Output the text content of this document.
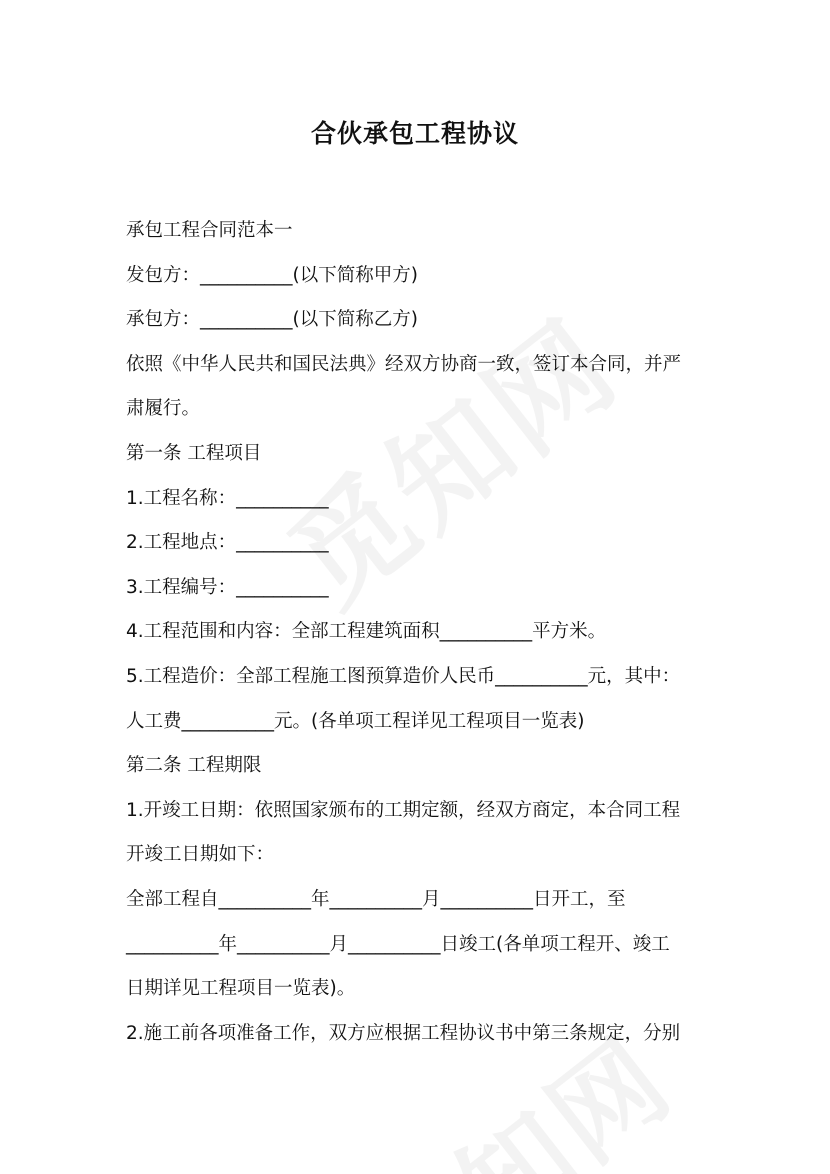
合伙承包工程协议
承包工程合同范本一
发包方：__________(以下简称甲方)
承包方：__________(以下简称乙方)
依照《中华人民共和国民法典》经双方协商一致，签订本合同，并严
肃履行。
第一条 工程项目
1.工程名称：__________
2.工程地点：__________
3.工程编号：__________
4.工程范围和内容：全部工程建筑面积__________平方米。
5.工程造价：全部工程施工图预算造价人民币__________元，其中：
人工费__________元。(各单项工程详见工程项目一览表)
第二条 工程期限
1.开竣工日期：依照国家颁布的工期定额，经双方商定，本合同工程
开竣工日期如下：
全部工程自__________年__________月__________日开工，至
__________年__________月__________日竣工(各单项工程开、竣工
日期详见工程项目一览表)。
2.施工前各项准备工作，双方应根据工程协议书中第三条规定，分别
